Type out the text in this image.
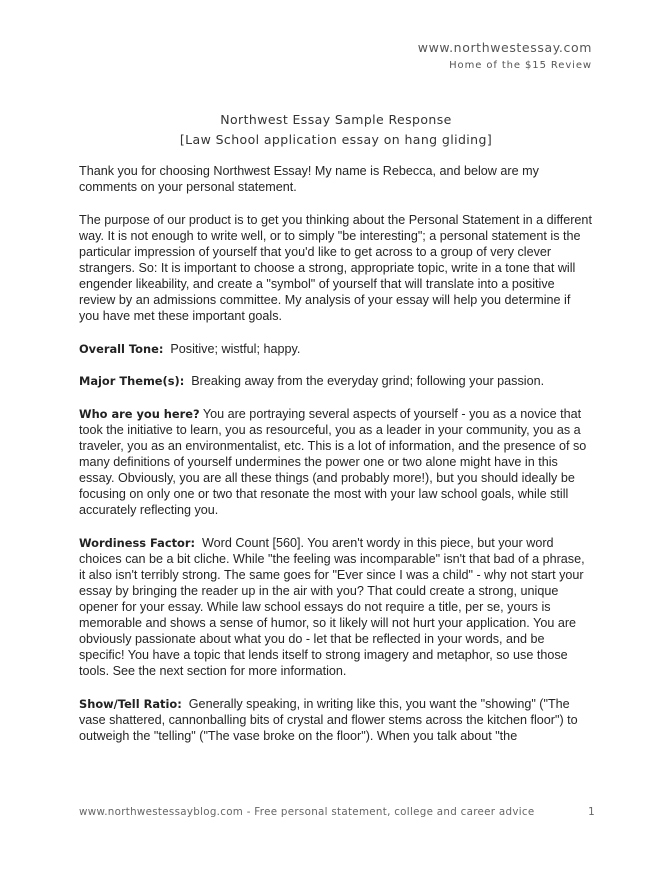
www.northwestessay.com
Home of the $15 Review
Northwest Essay Sample Response
[Law School application essay on hang gliding]

Thank you for choosing Northwest Essay! My name is Rebecca, and below are my comments on your personal statement.

The purpose of our product is to get you thinking about the Personal Statement in a different way. It is not enough to write well, or to simply "be interesting"; a personal statement is the particular impression of yourself that you'd like to get across to a group of very clever strangers. So: It is important to choose a strong, appropriate topic, write in a tone that will engender likeability, and create a "symbol" of yourself that will translate into a positive review by an admissions committee. My analysis of your essay will help you determine if you have met these important goals.

Overall Tone: Positive; wistful; happy.

Major Theme(s): Breaking away from the everyday grind; following your passion.

Who are you here? You are portraying several aspects of yourself - you as a novice that took the initiative to learn, you as resourceful, you as a leader in your community, you as a traveler, you as an environmentalist, etc. This is a lot of information, and the presence of so many definitions of yourself undermines the power one or two alone might have in this essay. Obviously, you are all these things (and probably more!), but you should ideally be focusing on only one or two that resonate the most with your law school goals, while still accurately reflecting you.

Wordiness Factor: Word Count [560]. You aren't wordy in this piece, but your word choices can be a bit cliche. While "the feeling was incomparable" isn't that bad of a phrase, it also isn't terribly strong. The same goes for "Ever since I was a child" - why not start your essay by bringing the reader up in the air with you? That could create a strong, unique opener for your essay. While law school essays do not require a title, per se, yours is memorable and shows a sense of humor, so it likely will not hurt your application. You are obviously passionate about what you do - let that be reflected in your words, and be specific! You have a topic that lends itself to strong imagery and metaphor, so use those tools. See the next section for more information.

Show/Tell Ratio: Generally speaking, in writing like this, you want the "showing" ("The vase shattered, cannonballing bits of crystal and flower stems across the kitchen floor") to outweigh the "telling" ("The vase broke on the floor"). When you talk about "the

www.northwestessayblog.com - Free personal statement, college and career advice	1
